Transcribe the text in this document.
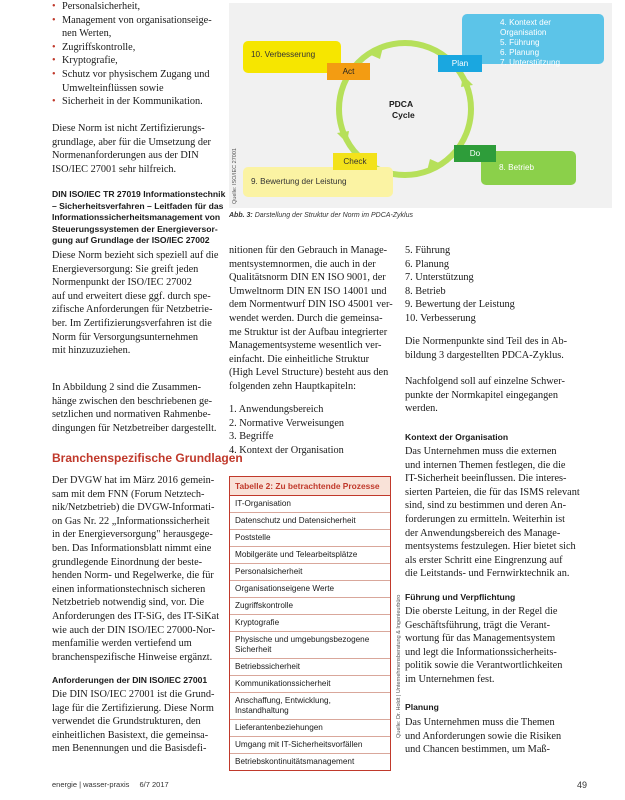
• Personalsicherheit,
• Management von organisationseige-
nen Werten,
• Zugriffskontrolle,
• Kryptografie,
• Schutz vor physischem Zugang und
Umwelteinflüssen sowie
• Sicherheit in der Kommunikation.
Diese Norm ist nicht Zertifizierungs-
grundlage, aber für die Umsetzung der
Normenanforderungen aus der DIN
ISO/IEC 27001 sehr hilfreich.
DIN ISO/IEC TR 27019 Informationstechnik
– Sicherheitsverfahren – Leitfaden für das
Informationssicherheitsmanagement von
Steuerungssystemen der Energieversor-
gung auf Grundlage der ISO/IEC 27002
Diese Norm bezieht sich speziell auf die
Energieversorgung: Sie greift jeden
Normenpunkt der ISO/IEC 27002
auf und erweitert diese ggf. durch spe-
zifische Anforderungen für Netzbetrie-
ber. Im Zertifizierungsverfahren ist die
Norm für Versorgungsunternehmen
mit hinzuzuziehen.
In Abbildung 2 sind die Zusammen-
hänge zwischen den beschriebenen ge-
setzlichen und normativen Rahmenbe-
dingungen für Netzbetreiber dargestellt.
Branchenspezifische Grundlagen
Der DVGW hat im März 2016 gemein-
sam mit dem FNN (Forum Netztech-
nik/Netzbetrieb) die DVGW-Informati-
on Gas Nr. 22 „Informationssicherheit
in der Energieversorgung" herausgege-
ben. Das Informationsblatt nimmt eine
grundlegende Einordnung der beste-
henden Norm- und Regelwerke, die für
einen informationstechnisch sicheren
Netzbetrieb notwendig sind, vor. Die
Anforderungen des IT-SiG, des IT-SiKat
wie auch der DIN ISO/IEC 27000-Nor-
menfamilie werden vertiefend um
branchenspezifische Hinweise ergänzt.
Anforderungen der DIN ISO/IEC 27001
Die DIN ISO/IEC 27001 ist die Grund-
lage für die Zertifizierung. Diese Norm
verwendet die Grundstrukturen, den
einheitlichen Basistext, die gemeinsa-
men Benennungen und die Basisdefi-
PDCA
Cycle
10. Verbesserung
Act
4. Kontext der Organisation
5. Führung
6. Planung
7. Unterstützung
Plan
8. Betrieb
Do
9. Bewertung der Leistung
Check
Quelle: ISO/IEC 27001
Abb. 3: Darstellung der Struktur der Norm im PDCA-Zyklus
nitionen für den Gebrauch in Manage-
mentsystemnormen, die auch in der
Qualitätsnorm DIN EN ISO 9001, der
Umweltnorm DIN EN ISO 14001 und
dem Normentwurf DIN ISO 45001 ver-
wendet werden. Durch die gemeinsa-
me Struktur ist der Aufbau integrierter
Managementsysteme wesentlich ver-
einfacht. Die einheitliche Struktur
(High Level Structure) besteht aus den
folgenden zehn Hauptkapiteln:
1. Anwendungsbereich
2. Normative Verweisungen
3. Begriffe
4. Kontext der Organisation
Tabelle 2: Zu betrachtende Prozesse
IT-Organisation
Datenschutz und Datensicherheit
Poststelle
Mobilgeräte und Telearbeitsplätze
Personalsicherheit
Organisationseigene Werte
Zugriffskontrolle
Kryptografie
Physische und umgebungsbezogene Sicherheit
Betriebssicherheit
Kommunikationssicherheit
Anschaffung, Entwicklung, Instandhaltung
Lieferantenbeziehungen
Umgang mit IT-Sicherheitsvorfällen
Betriebskontinuitätsmanagement
Quelle: Dr. Holdt | Unternehmensberatung & Ingenieurbüro
5. Führung
6. Planung
7. Unterstützung
8. Betrieb
9. Bewertung der Leistung
10. Verbesserung
Die Normenpunkte sind Teil des in Ab-
bildung 3 dargestellten PDCA-Zyklus.
Nachfolgend soll auf einzelne Schwer-
punkte der Normkapitel eingegangen
werden.
Kontext der Organisation
Das Unternehmen muss die externen
und internen Themen festlegen, die die
IT-Sicherheit beeinflussen. Die interes-
sierten Parteien, die für das ISMS relevant
sind, sind zu bestimmen und deren An-
forderungen zu ermitteln. Weiterhin ist
der Anwendungsbereich des Manage-
mentsystems festzulegen. Hier bietet sich
als erster Schritt eine Eingrenzung auf
die Leitstands- und Fernwirktechnik an.
Führung und Verpflichtung
Die oberste Leitung, in der Regel die
Geschäftsführung, trägt die Verant-
wortung für das Managementsystem
und legt die Informationssicherheits-
politik sowie die Verantwortlichkeiten
im Unternehmen fest.
Planung
Das Unternehmen muss die Themen
und Anforderungen sowie die Risiken
und Chancen bestimmen, um Maß-
energie | wasser-praxis 6/7 2017	49
